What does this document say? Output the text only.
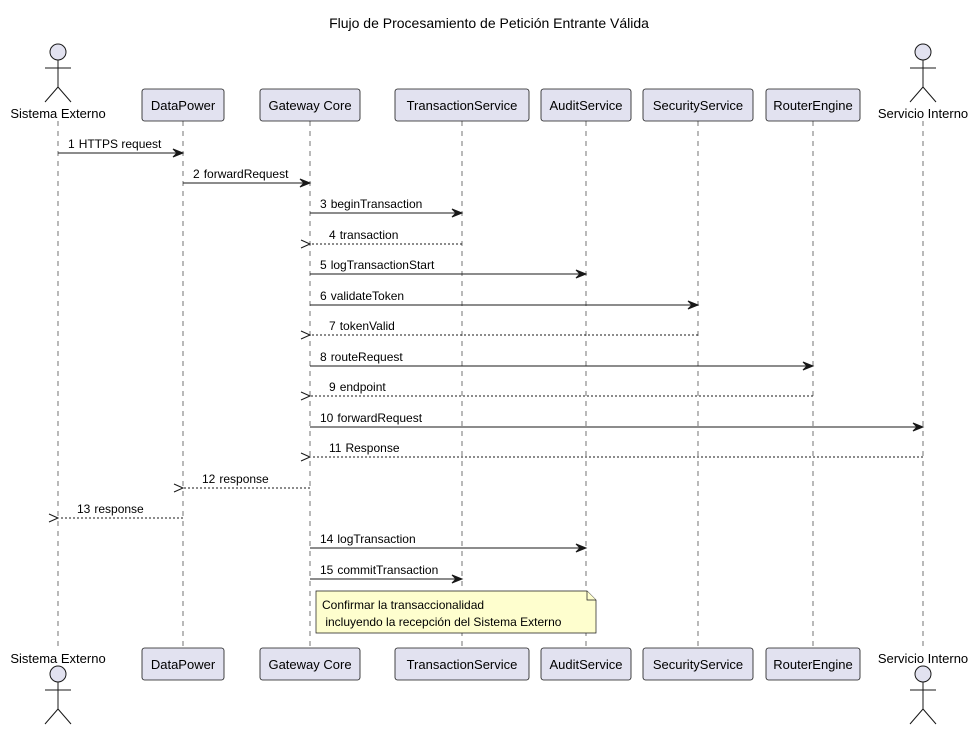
Flujo de Procesamiento de Petición Entrante Válida
Sistema Externo
Sistema Externo
DataPower
DataPower
Gateway Core
Gateway Core
TransactionService
TransactionService
AuditService
AuditService
SecurityService
SecurityService
RouterEngine
RouterEngine
Servicio Interno
Servicio Interno
1 HTTPS request
2 forwardRequest
3 beginTransaction
4 transaction
5 logTransactionStart
6 validateToken
7 tokenValid
8 routeRequest
9 endpoint
10 forwardRequest
11 Response
12 response
13 response
14 logTransaction
15 commitTransaction
Confirmar la transaccionalidad
incluyendo la recepción del Sistema Externo
